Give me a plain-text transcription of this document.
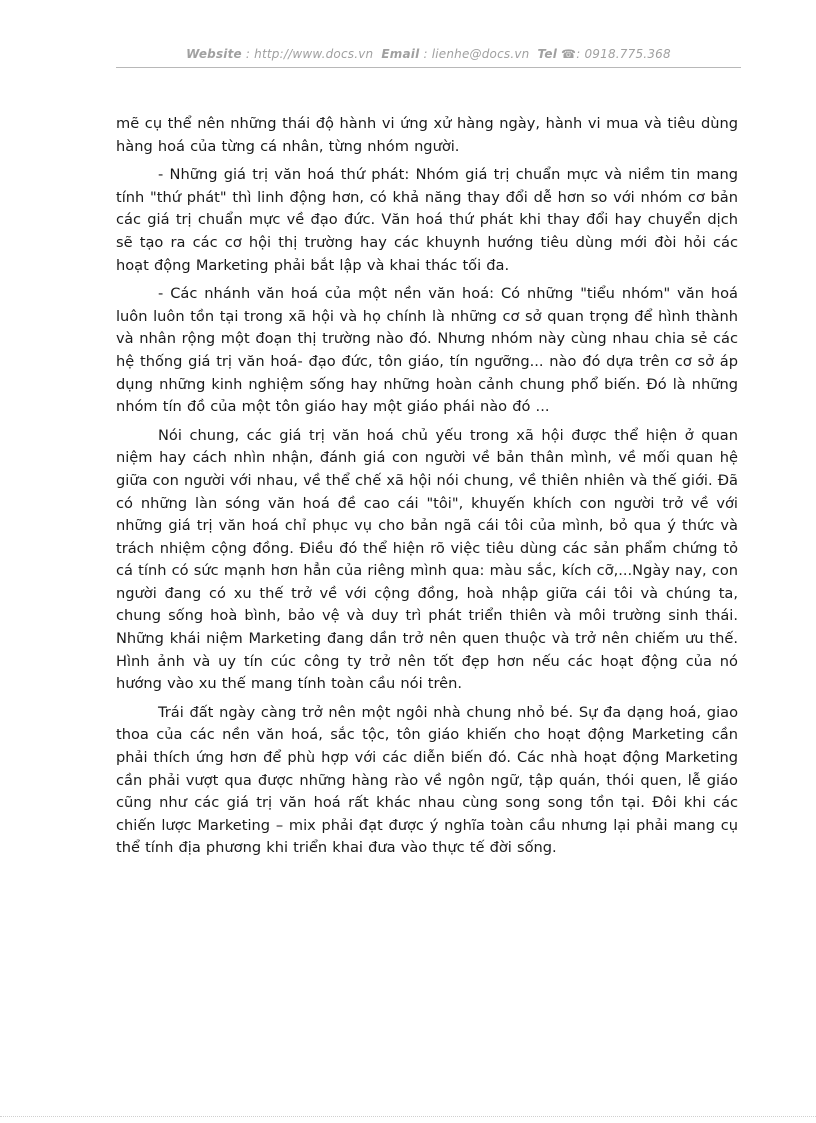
Website : http://www.docs.vn Email : lienhe@docs.vn Tel ☎: 0918.775.368

mẽ cụ thể nên những thái độ hành vi ứng xử hàng ngày, hành vi mua và tiêu dùng hàng hoá của từng cá nhân, từng nhóm người.

- Những giá trị văn hoá thứ phát: Nhóm giá trị chuẩn mực và niềm tin mang tính "thứ phát" thì linh động hơn, có khả năng thay đổi dễ hơn so với nhóm cơ bản các giá trị chuẩn mực về đạo đức. Văn hoá thứ phát khi thay đổi hay chuyển dịch sẽ tạo ra các cơ hội thị trường hay các khuynh hướng tiêu dùng mới đòi hỏi các hoạt động Marketing phải bắt lập và khai thác tối đa.

- Các nhánh văn hoá của một nền văn hoá: Có những "tiểu nhóm" văn hoá luôn luôn tồn tại trong xã hội và họ chính là những cơ sở quan trọng để hình thành và nhân rộng một đoạn thị trường nào đó. Nhưng nhóm này cùng nhau chia sẻ các hệ thống giá trị văn hoá- đạo đức, tôn giáo, tín ngưỡng... nào đó dựa trên cơ sở áp dụng những kinh nghiệm sống hay những hoàn cảnh chung phổ biến. Đó là những nhóm tín đồ của một tôn giáo hay một giáo phái nào đó ...

Nói chung, các giá trị văn hoá chủ yếu trong xã hội được thể hiện ở quan niệm hay cách nhìn nhận, đánh giá con người về bản thân mình, về mối quan hệ giữa con người với nhau, về thể chế xã hội nói chung, về thiên nhiên và thế giới. Đã có những làn sóng văn hoá đề cao cái "tôi", khuyến khích con người trở về với những giá trị văn hoá chỉ phục vụ cho bản ngã cái tôi của mình, bỏ qua ý thức và trách nhiệm cộng đồng. Điều đó thể hiện rõ việc tiêu dùng các sản phẩm chứng tỏ cá tính có sức mạnh hơn hẳn của riêng mình qua: màu sắc, kích cỡ,...Ngày nay, con người đang có xu thế trở về với cộng đồng, hoà nhập giữa cái tôi và chúng ta, chung sống hoà bình, bảo vệ và duy trì phát triển thiên và môi trường sinh thái. Những khái niệm Marketing đang dần trở nên quen thuộc và trở nên chiếm ưu thế. Hình ảnh và uy tín cúc công ty trở nên tốt đẹp hơn nếu các hoạt động của nó hướng vào xu thế mang tính toàn cầu nói trên.

Trái đất ngày càng trở nên một ngôi nhà chung nhỏ bé. Sự đa dạng hoá, giao thoa của các nền văn hoá, sắc tộc, tôn giáo khiến cho hoạt động Marketing cần phải thích ứng hơn để phù hợp với các diễn biến đó. Các nhà hoạt động Marketing cần phải vượt qua được những hàng rào về ngôn ngữ, tập quán, thói quen, lễ giáo cũng như các giá trị văn hoá rất khác nhau cùng song song tồn tại. Đôi khi các chiến lược Marketing – mix phải đạt được ý nghĩa toàn cầu nhưng lại phải mang cụ thể tính địa phương khi triển khai đưa vào thực tế đời sống.
